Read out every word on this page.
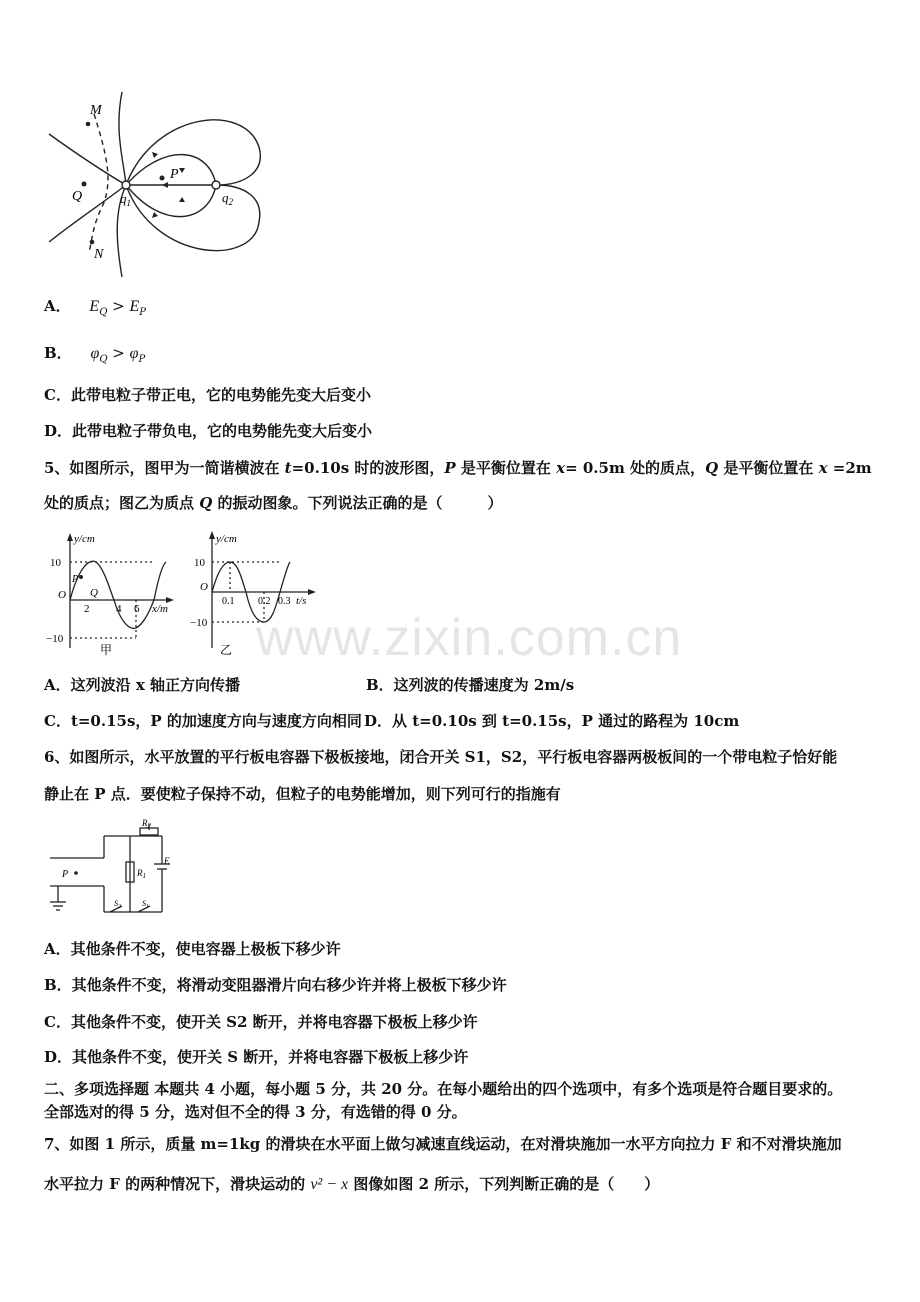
M
N
Q
P
$q_1$	$q_2$
A． $E_Q > E_P$
B． $\varphi_Q > \varphi_P$
C．此带电粒子带正电，它的电势能先变大后变小
D．此带电粒子带负电，它的电势能先变大后变小
5、如图所示，图甲为一简谐横波在 t=0.10s 时的波形图，P 是平衡位置在 x= 0.5m 处的质点，Q 是平衡位置在 x =2m
处的质点；图乙为质点 Q 的振动图象。下列说法正确的是（　　　）
y/cm
x/m
10
−10
O
2 4 6
P
Q
甲
y/cm
t/s
10
−10
O
0.1 0.2 0.3
乙 www.zixin.com.cn
A．这列波沿 x 轴正方向传播	B．这列波的传播速度为 2m/s
C．t=0.15s，P 的加速度方向与速度方向相同 D．从 t=0.10s 到 t=0.15s，P 通过的路程为 10cm
6、如图所示，水平放置的平行板电容器下极板接地，闭合开关 S1，S2，平行板电容器两极板间的一个带电粒子恰好能
静止在 P 点．要使粒子保持不动，但粒子的电势能增加，则下列可行的指施有
P
$R_2$
$R_1$
E
$S_2$	$S_1$
A．其他条件不变，使电容器上极板下移少许
B．其他条件不变，将滑动变阻器滑片向右移少许并将上极板下移少许
C．其他条件不变，使开关 S2 断开，并将电容器下极板上移少许
D．其他条件不变，使开关 S 断开，并将电容器下极板上移少许
二、多项选择题 本题共 4 小题，每小题 5 分，共 20 分。在每小题给出的四个选项中，有多个选项是符合题目要求的。
全部选对的得 5 分，选对但不全的得 3 分，有选错的得 0 分。
7、如图 1 所示，质量 m=1kg 的滑块在水平面上做匀减速直线运动，在对滑块施加一水平方向拉力 F 和不对滑块施加
水平拉力 F 的两种情况下，滑块运动的 v² − x 图像如图 2 所示，下列判断正确的是（　　）
